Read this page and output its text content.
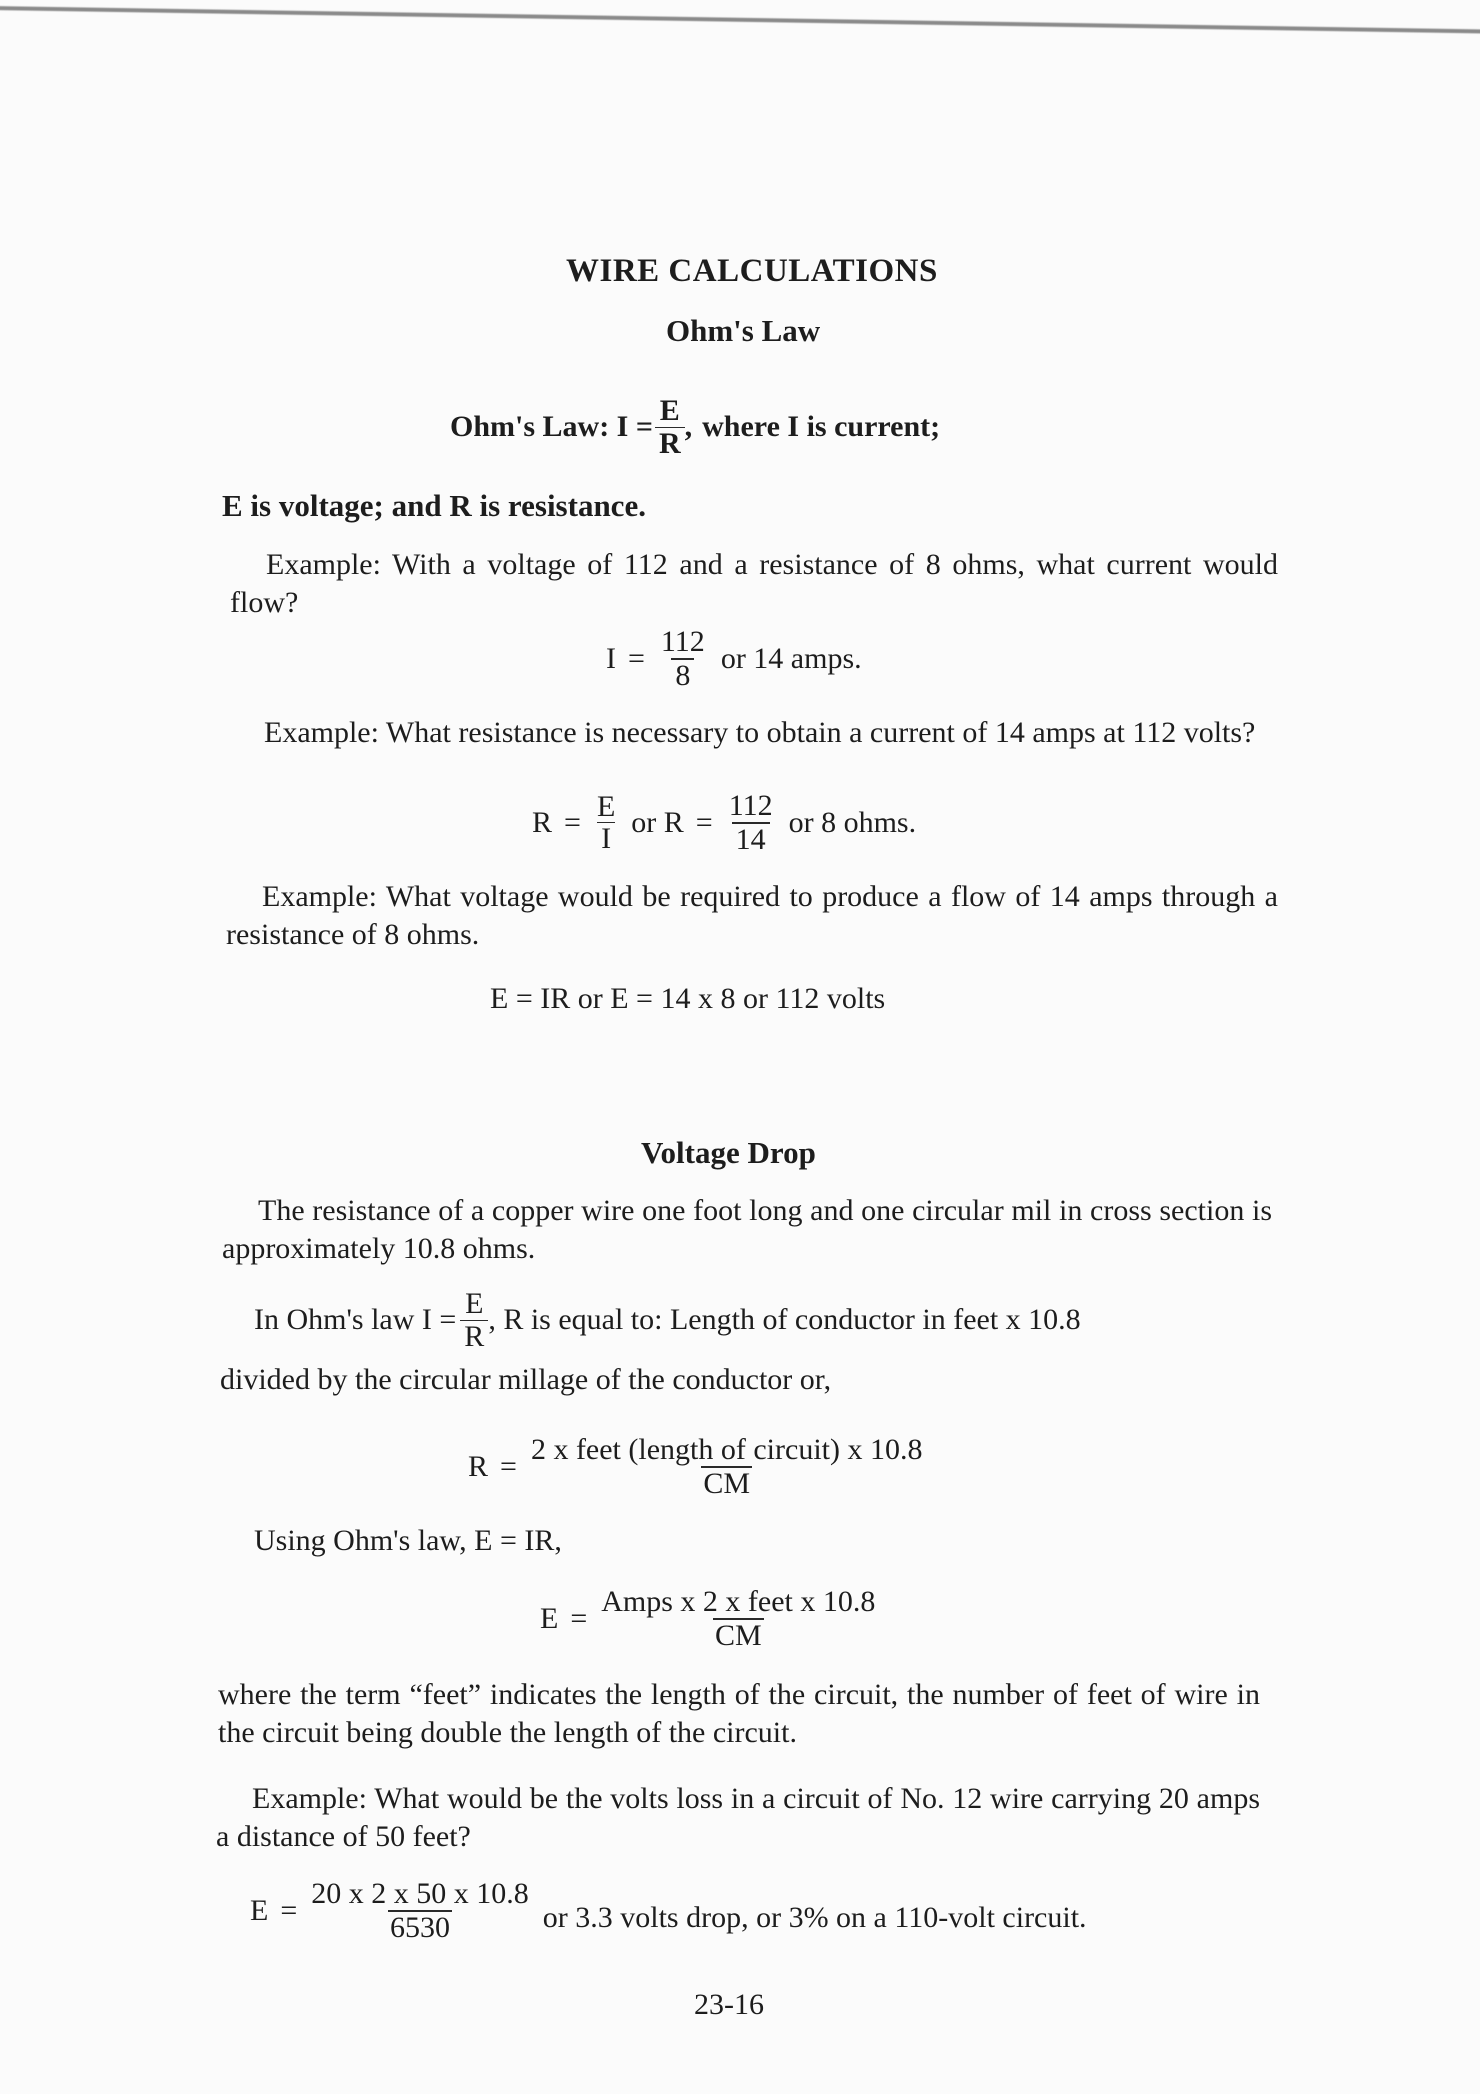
WIRE CALCULATIONS
Ohm's Law
Ohm's Law: $I = \frac{E}{R}$ , where I is current;
E is voltage; and R is resistance.
Example: With a voltage of 112 and a resistance of 8 ohms, what current would flow?
$I = \frac{112}{8}$ or 14 amps.
Example: What resistance is necessary to obtain a current of 14 amps at 112 volts?
$R = \frac{E}{I}$ or $R = \frac{112}{14}$ or 8 ohms.
Example: What voltage would be required to produce a flow of 14 amps through a resistance of 8 ohms.
E = IR or E = 14 x 8 or 112 volts
Voltage Drop
The resistance of a copper wire one foot long and one circular mil in cross section is approximately 10.8 ohms.
In Ohm's law $I = \frac{E}{R}$ , R is equal to: Length of conductor in feet x 10.8
divided by the circular millage of the conductor or,
$R = \frac{\text{2 x feet (length of circuit) x 10.8}}{CM}$
Using Ohm's law, E = IR,
$E = \frac{\text{Amps x 2 x feet x 10.8}}{CM}$
where the term “feet” indicates the length of the circuit, the number of feet of wire in the circuit being double the length of the circuit.
Example: What would be the volts loss in a circuit of No. 12 wire carrying 20 amps a distance of 50 feet?
$E = \frac{20 x 2 x 50 x 10.8}{6530}$ or 3.3 volts drop, or 3% on a 110-volt circuit.
23-16
